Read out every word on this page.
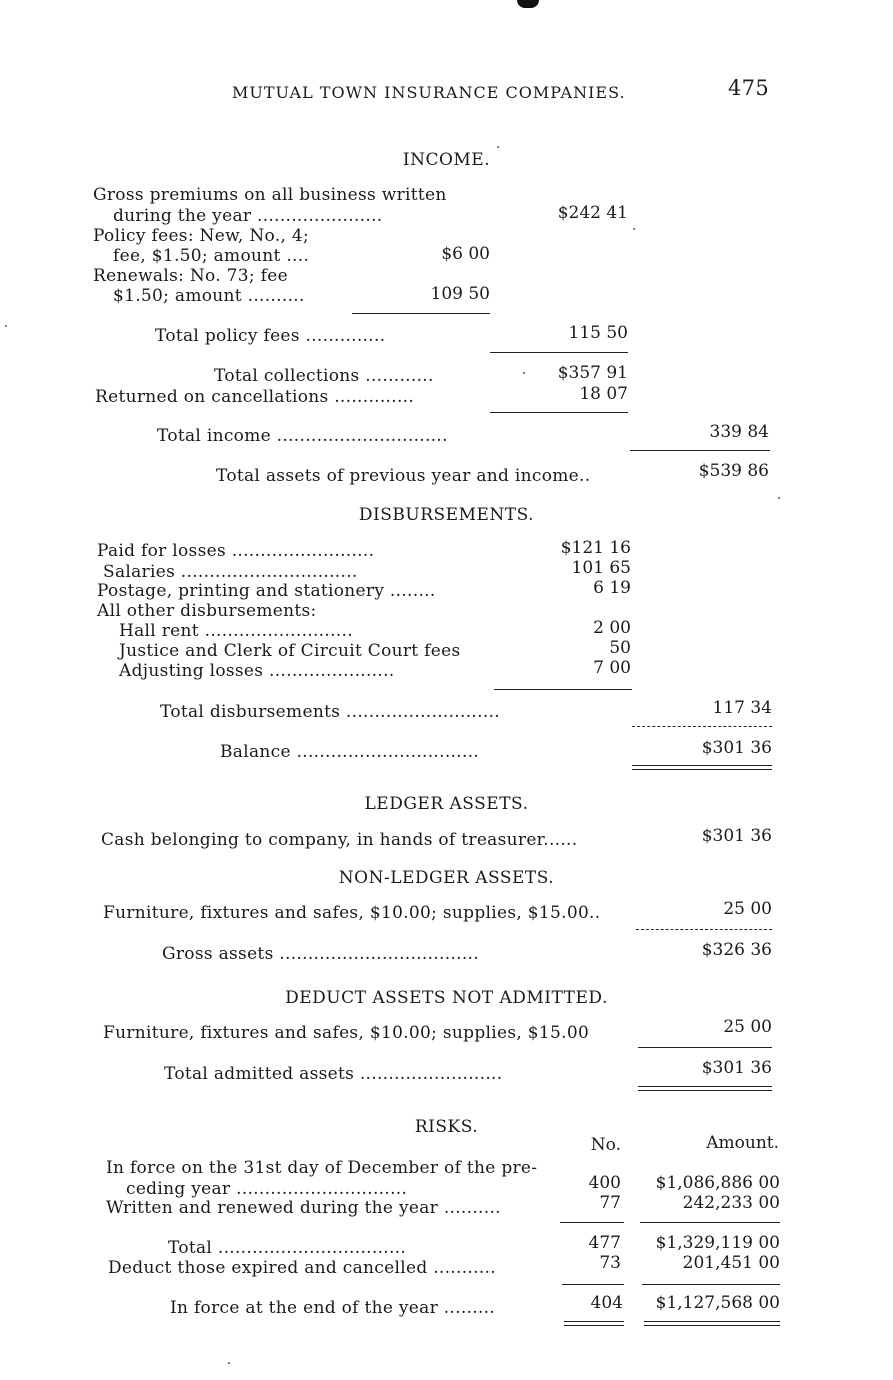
MUTUAL TOWN INSURANCE COMPANIES.	475
INCOME.
Gross premiums on all business written
during the year ......................	$242 41
Policy fees: New, No., 4;
fee, $1.50; amount ....	$6 00
Renewals: No. 73; fee
$1.50; amount ..........	109 50
Total policy fees ..............	115 50
Total collections ............	$357 91
Returned on cancellations ..............	18 07
Total income ..............................	339 84
Total assets of previous year and income..	$539 86
DISBURSEMENTS.
Paid for losses .........................	$121 16
Salaries ...............................	101 65
Postage, printing and stationery ........	6 19
All other disbursements:
Hall rent ..........................	2 00
Justice and Clerk of Circuit Court fees	50
Adjusting losses ......................	7 00
Total disbursements ...........................	117 34
Balance ................................	$301 36
LEDGER ASSETS.
Cash belonging to company, in hands of treasurer......	$301 36
NON-LEDGER ASSETS.
Furniture, fixtures and safes, $10.00; supplies, $15.00..	25 00
Gross assets ...................................	$326 36
DEDUCT ASSETS NOT ADMITTED.
Furniture, fixtures and safes, $10.00; supplies, $15.00	25 00
Total admitted assets .........................	$301 36
RISKS.
No.	Amount.
In force on the 31st day of December of the pre-
ceding year ..............................	400 $1,086,886 00
Written and renewed during the year ..........	77	242,233 00
Total .................................	477 $1,329,119 00
Deduct those expired and cancelled ...........	73	201,451 00
In force at the end of the year .........	404 $1,127,568 00
